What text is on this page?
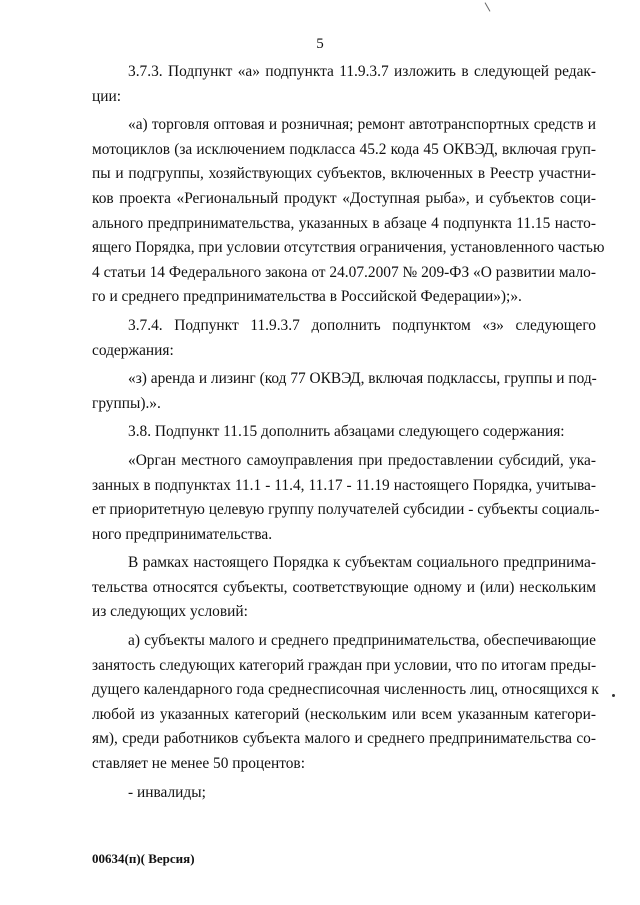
5
3.7.3. Подпункт «а» подпункта 11.9.3.7 изложить в следующей редак-
ции:
«а) торговля оптовая и розничная; ремонт автотранспортных средств и
мотоциклов (за исключением подкласса 45.2 кода 45 ОКВЭД, включая груп-
пы и подгруппы, хозяйствующих субъектов, включенных в Реестр участни-
ков проекта «Региональный продукт «Доступная рыба», и субъектов соци-
ального предпринимательства, указанных в абзаце 4 подпункта 11.15 насто-
ящего Порядка, при условии отсутствия ограничения, установленного частью
4 статьи 14 Федерального закона от 24.07.2007 № 209-ФЗ «О развитии мало-
го и среднего предпринимательства в Российской Федерации»);».
3.7.4. Подпункт 11.9.3.7 дополнить подпунктом «з» следующего
содержания:
«з) аренда и лизинг (код 77 ОКВЭД, включая подклассы, группы и под-
группы).».
3.8. Подпункт 11.15 дополнить абзацами следующего содержания:
«Орган местного самоуправления при предоставлении субсидий, ука-
занных в подпунктах 11.1 - 11.4, 11.17 - 11.19 настоящего Порядка, учитыва-
ет приоритетную целевую группу получателей субсидии - субъекты социаль-
ного предпринимательства.
В рамках настоящего Порядка к субъектам социального предпринима-
тельства относятся субъекты, соответствующие одному и (или) нескольким
из следующих условий:
а) субъекты малого и среднего предпринимательства, обеспечивающие
занятость следующих категорий граждан при условии, что по итогам преды-
дущего календарного года среднесписочная численность лиц, относящихся к
любой из указанных категорий (нескольким или всем указанным категори-
ям), среди работников субъекта малого и среднего предпринимательства со-
ставляет не менее 50 процентов:
- инвалиды;
00634(п)( Версия)
